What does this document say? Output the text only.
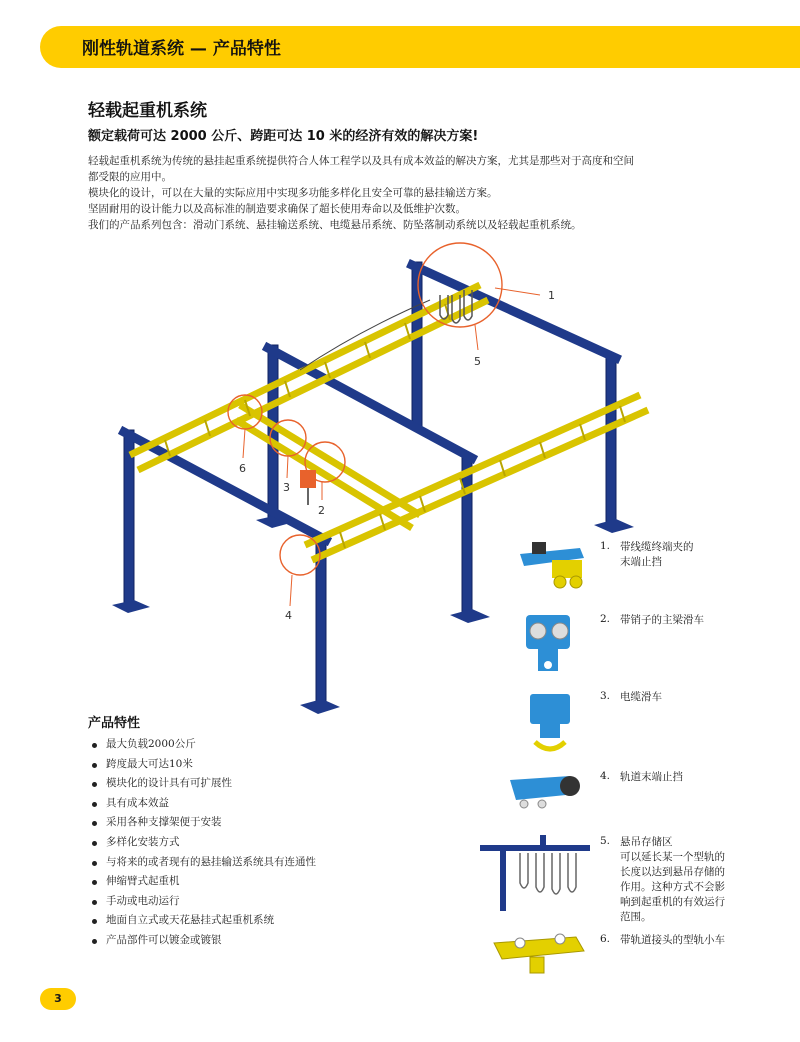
刚性轨道系统 — 产品特性
轻载起重机系统
额定载荷可达 2000 公斤、跨距可达 10 米的经济有效的解决方案!

轻载起重机系统为传统的悬挂起重系统提供符合人体工程学以及具有成本效益的解决方案，尤其是那些对于高度和空间

都受限的应用中。

模块化的设计，可以在大量的实际应用中实现多功能多样化且安全可靠的悬挂输送方案。

坚固耐用的设计能力以及高标准的制造要求确保了超长使用寿命以及低维护次数。

我们的产品系列包含：滑动门系统、悬挂输送系统、电缆悬吊系统、防坠落制动系统以及轻载起重机系统。

1
5
6
3
2
4
产品特性
最大负载2000公斤
跨度最大可达10米
模块化的设计具有可扩展性
具有成本效益
采用各种支撑架便于安装
多样化安装方式
与将来的或者现有的悬挂输送系统具有连通性
伸缩臂式起重机
手动或电动运行
地面自立式或天花悬挂式起重机系统
产品部件可以镀金或镀银
1. 带线缆终端夹的
末端止挡
2. 带销子的主梁滑车
3. 电缆滑车
4. 轨道末端止挡
5. 悬吊存储区
可以延长某一个型轨的
长度以达到悬吊存储的
作用。这种方式不会影
响到起重机的有效运行
范围。
6. 带轨道接头的型轨小车
3
